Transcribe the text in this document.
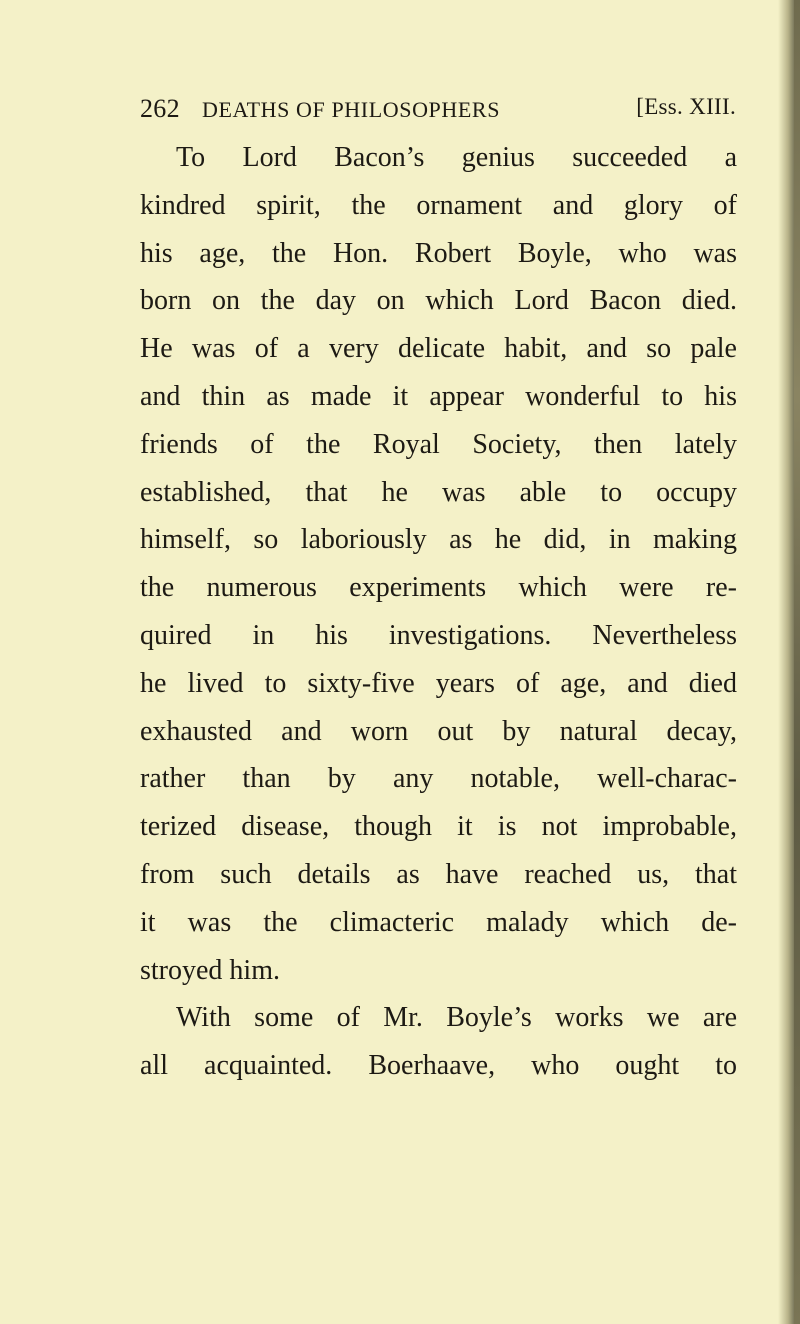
262 DEATHS OF PHILOSOPHERS	[Ess. XIII.
To Lord Bacon’s genius succeeded a
kindred spirit, the ornament and glory of
his age, the Hon. Robert Boyle, who was
born on the day on which Lord Bacon died.
He was of a very delicate habit, and so pale
and thin as made it appear wonderful to his
friends of the Royal Society, then lately
established, that he was able to occupy
himself, so laboriously as he did, in making
the numerous experiments which were re-
quired in his investigations. Nevertheless
he lived to sixty-five years of age, and died
exhausted and worn out by natural decay,
rather than by any notable, well-charac-
terized disease, though it is not improbable,
from such details as have reached us, that
it was the climacteric malady which de-
stroyed him.
With some of Mr. Boyle’s works we are
all acquainted. Boerhaave, who ought to
